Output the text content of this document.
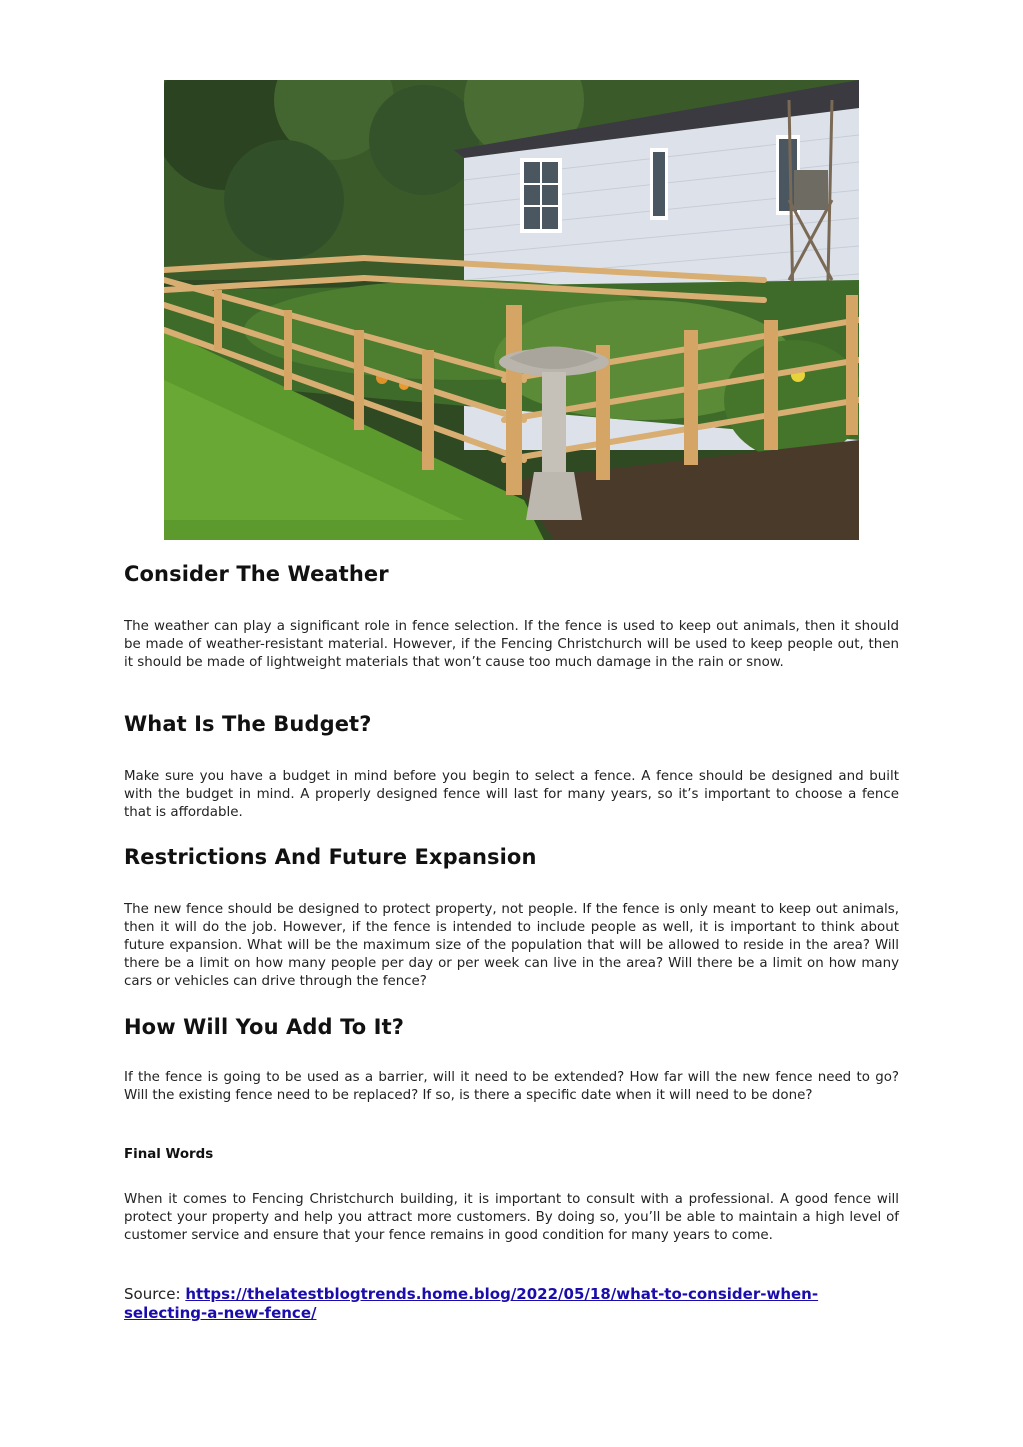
Consider The Weather

The weather can play a significant role in fence selection. If the fence is used to keep out animals, then it should be made of weather-resistant material. However, if the Fencing Christchurch will be used to keep people out, then it should be made of lightweight materials that won’t cause too much damage in the rain or snow.

What Is The Budget?

Make sure you have a budget in mind before you begin to select a fence. A fence should be designed and built with the budget in mind. A properly designed fence will last for many years, so it’s important to choose a fence that is affordable.

Restrictions And Future Expansion

The new fence should be designed to protect property, not people. If the fence is only meant to keep out animals, then it will do the job. However, if the fence is intended to include people as well, it is important to think about future expansion. What will be the maximum size of the population that will be allowed to reside in the area? Will there be a limit on how many people per day or per week can live in the area? Will there be a limit on how many cars or vehicles can drive through the fence?

How Will You Add To It?

If the fence is going to be used as a barrier, will it need to be extended? How far will the new fence need to go? Will the existing fence need to be replaced? If so, is there a specific date when it will need to be done?

Final Words

When it comes to Fencing Christchurch building, it is important to consult with a professional. A good fence will protect your property and help you attract more customers. By doing so, you’ll be able to maintain a high level of customer service and ensure that your fence remains in good condition for many years to come.

Source: https://thelatestblogtrends.home.blog/2022/05/18/what-to-consider-when-selecting-a-new-fence/
